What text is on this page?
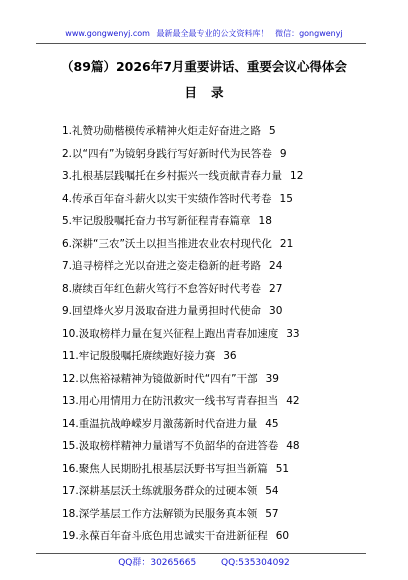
www.gongwenyj.com 最新最全最专业的公文资料库！ 微信：gongwenyj
（89篇）2026年7月重要讲话、重要会议心得体会
目录
1.礼赞功勋楷模传承精神火炬走好奋进之路 5
2.以“四有”为镜躬身践行写好新时代为民答卷 9
3.扎根基层践嘱托在乡村振兴一线贡献青春力量 12
4.传承百年奋斗薪火以实干实绩作答时代考卷 15
5.牢记殷殷嘱托奋力书写新征程青春篇章 18
6.深耕“三农”沃土以担当推进农业农村现代化 21
7.追寻榜样之光以奋进之姿走稳新的赶考路 24
8.赓续百年红色薪火笃行不怠答好时代考卷 27
9.回望烽火岁月汲取奋进力量勇担时代使命 30
10.汲取榜样力量在复兴征程上跑出青春加速度 33
11.牢记殷殷嘱托赓续跑好接力赛 36
12.以焦裕禄精神为镜做新时代“四有”干部 39
13.用心用情用力在防汛救灾一线书写青春担当 42
14.重温抗战峥嵘岁月激荡新时代奋进力量 45
15.汲取榜样精神力量谱写不负韶华的奋进答卷 48
16.聚焦人民期盼扎根基层沃野书写担当新篇 51
17.深耕基层沃土练就服务群众的过硬本领 54
18.深学基层工作方法解锁为民服务真本领 57
19.永葆百年奋斗底色用忠诚实干奋进新征程 60
QQ群：30265665	QQ:535304092
